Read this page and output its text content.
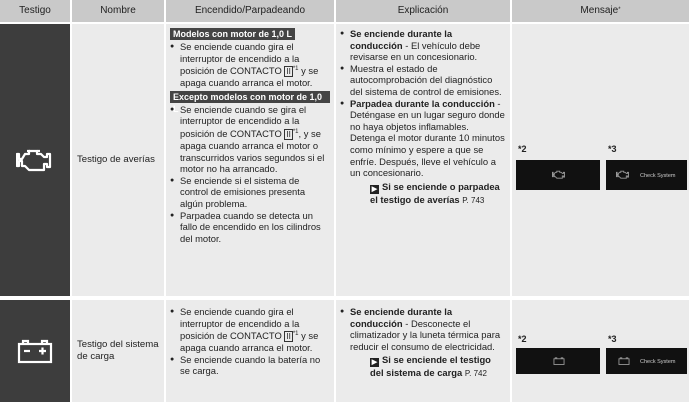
Testigo	Nombre	Encendido/Parpadeando	Explicación	Mensaje *
Testigo de averías
Modelos con motor de 1,0 L
● Se enciende cuando gira el interruptor de encendido a la posición de CONTACTO II $^{*1}$ y se apaga cuando arranca el motor.
Excepto modelos con motor de 1,0 L
● Se enciende cuando se gira el interruptor de encendido a la posición de CONTACTO II $^{*1}$, y se apaga cuando arranca el motor o transcurridos varios segundos si el motor no ha arrancado.
● Se enciende si el sistema de control de emisiones presenta algún problema.
● Parpadea cuando se detecta un fallo de encendido en los cilindros del motor.
● Se enciende durante la conducción - El vehículo debe revisarse en un concesionario.
● Muestra el estado de autocomprobación del diagnóstico del sistema de control de emisiones.
● Parpadea durante la conducción - Deténgase en un lugar seguro donde no haya objetos inflamables. Detenga el motor durante 10 minutos como mínimo y espere a que se enfríe. Después, lleve el vehículo a un concesionario.
▶ Si se enciende o parpadea el testigo de averías P. 743
*2	*3
Check System
Testigo del sistema de carga
● Se enciende cuando gira el interruptor de encendido a la posición de CONTACTO II $^{*1}$ y se apaga cuando arranca el motor.
● Se enciende cuando la batería no se carga.
● Se enciende durante la conducción - Desconecte el climatizador y la luneta térmica para reducir el consumo de electricidad.
▶ Si se enciende el testigo del sistema de carga P. 742
*2	*3
Check System
